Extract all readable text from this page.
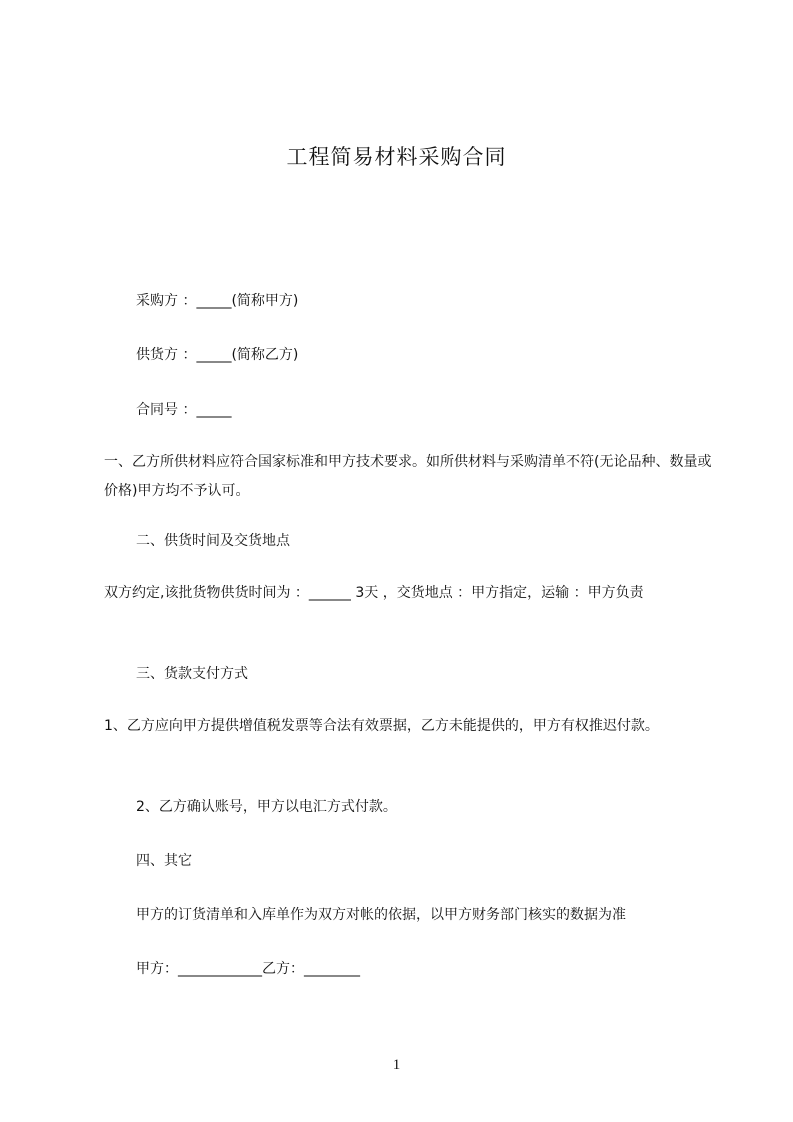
工程简易材料采购合同
采购方 ：_____(简称甲方)
供货方 ：_____(简称乙方)
合同号 ：_____
一、乙方所供材料应符合国家标准和甲方技术要求。如所供材料与采购清单不符(无论品种、数量或价格)甲方均不予认可。
二、供货时间及交货地点
双方约定,该批货物供货时间为 ：______ 3天 ，交货地点 ：甲方指定，运输 ：甲方负责
三、货款支付方式
1、乙方应向甲方提供增值税发票等合法有效票据，乙方未能提供的，甲方有权推迟付款。
2、乙方确认账号，甲方以电汇方式付款。
四、其它
甲方的订货清单和入库单作为双方对帐的依据，以甲方财务部门核实的数据为准
甲方：____________乙方：________
1
